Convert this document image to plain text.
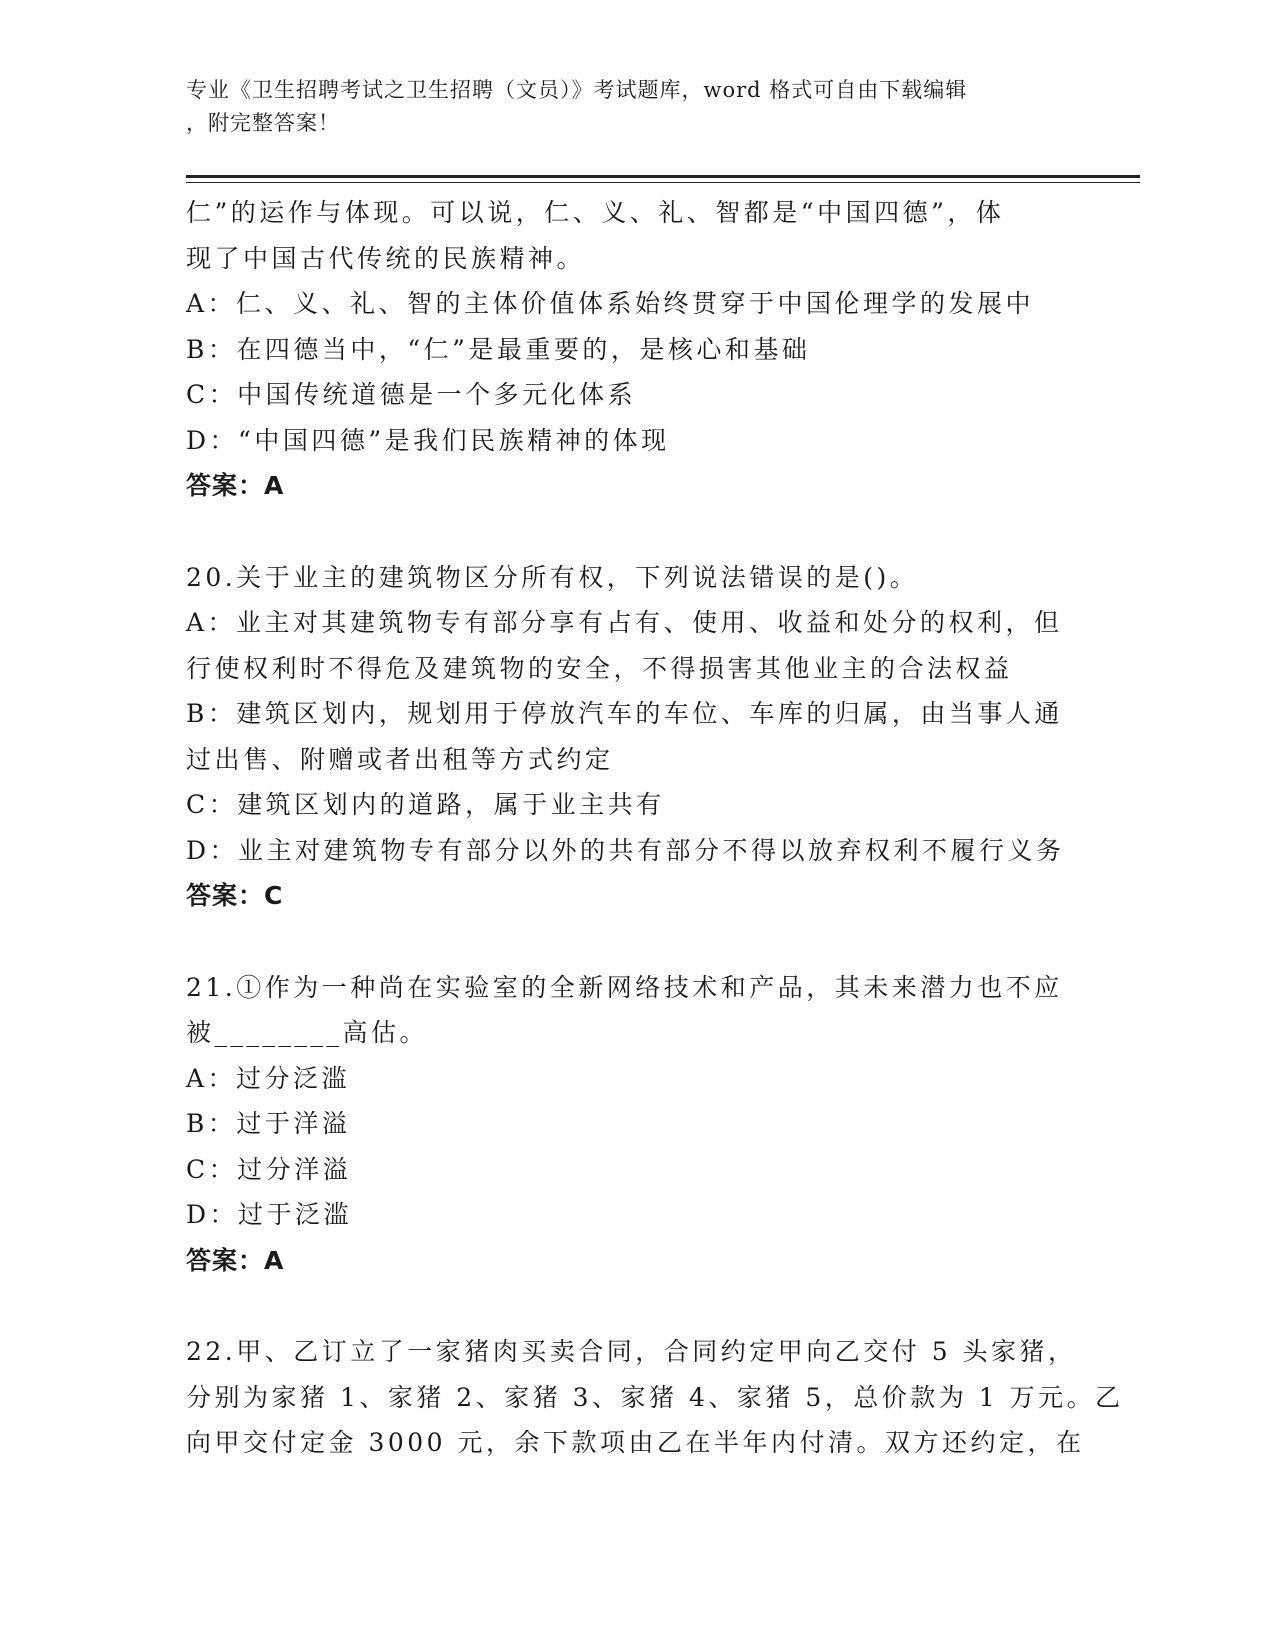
专业《卫生招聘考试之卫生招聘（文员）》考试题库，word 格式可自由下载编辑
，附完整答案！
仁”的运作与体现。可以说，仁、义、礼、智都是“中国四德”，体
现了中国古代传统的民族精神。
A：仁、义、礼、智的主体价值体系始终贯穿于中国伦理学的发展中
B：在四德当中，“仁”是最重要的，是核心和基础
C：中国传统道德是一个多元化体系
D：“中国四德”是我们民族精神的体现
答案：A
20.关于业主的建筑物区分所有权，下列说法错误的是()。
A：业主对其建筑物专有部分享有占有、使用、收益和处分的权利，但
行使权利时不得危及建筑物的安全，不得损害其他业主的合法权益
B：建筑区划内，规划用于停放汽车的车位、车库的归属，由当事人通
过出售、附赠或者出租等方式约定
C：建筑区划内的道路，属于业主共有
D：业主对建筑物专有部分以外的共有部分不得以放弃权利不履行义务
答案：C
21.①作为一种尚在实验室的全新网络技术和产品，其未来潜力也不应
被________高估。
A：过分泛滥
B：过于洋溢
C：过分洋溢
D：过于泛滥
答案：A
22.甲、乙订立了一家猪肉买卖合同，合同约定甲向乙交付 5 头家猪，
分别为家猪 1、家猪 2、家猪 3、家猪 4、家猪 5，总价款为 1 万元。乙
向甲交付定金 3000 元，余下款项由乙在半年内付清。双方还约定，在
